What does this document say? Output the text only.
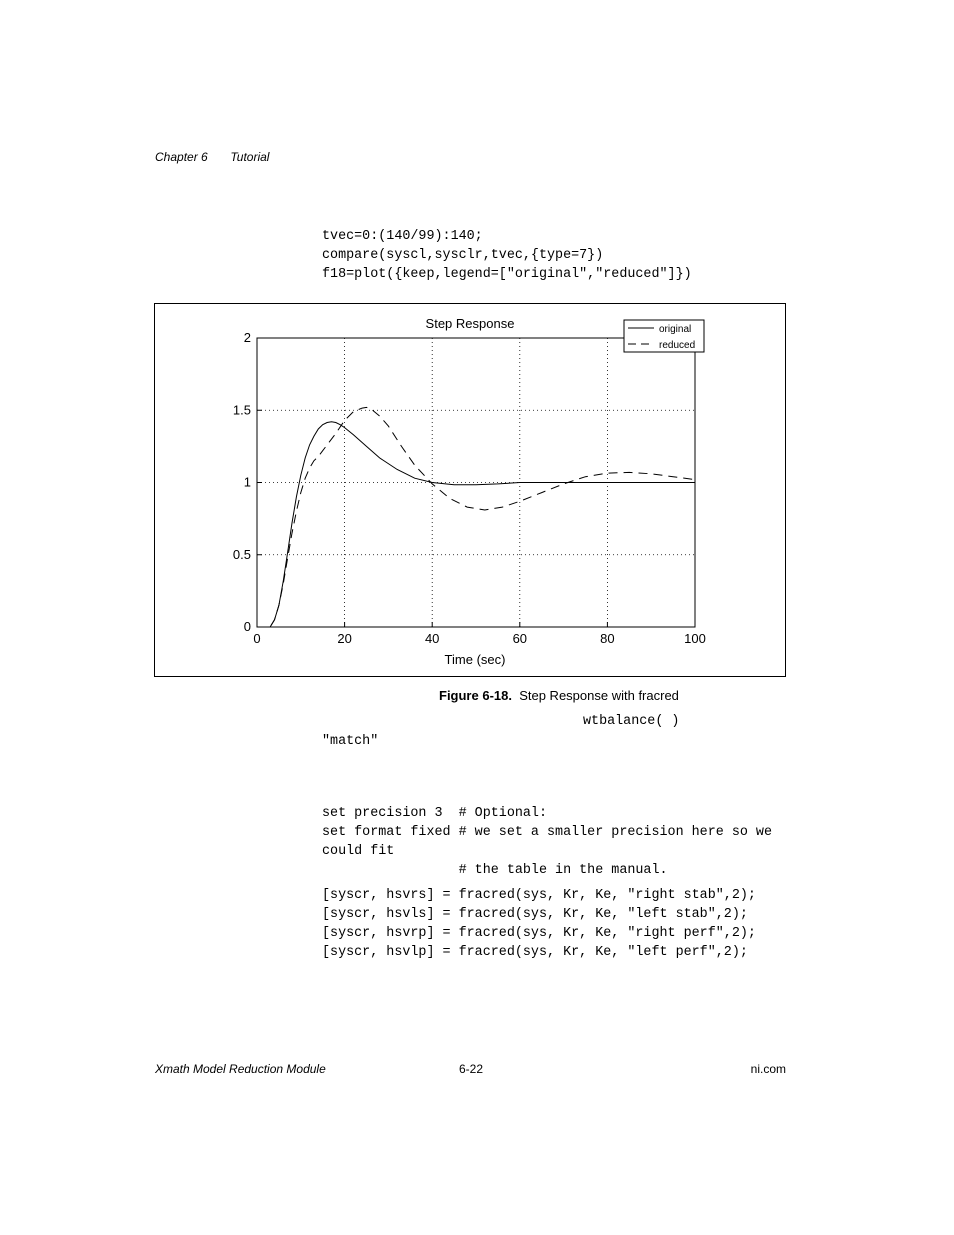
Chapter 6 Tutorial
tvec=0:(140/99):140;
compare(syscl,sysclr,tvec,{type=7})
f18=plot({keep,legend=["original","reduced"]})
0	20	40	60	80	100
0
0.5
1
1.5
2
Step Response
Time (sec)
original
reduced
Figure 6-18. Step Response with fracred
wtbalance( )
"match"
set precision 3  # Optional:
set format fixed # we set a smaller precision here so we
could fit
# the table in the manual.
[syscr, hsvrs] = fracred(sys, Kr, Ke, "right stab",2);
[syscr, hsvls] = fracred(sys, Kr, Ke, "left stab",2);
[syscr, hsvrp] = fracred(sys, Kr, Ke, "right perf",2);
[syscr, hsvlp] = fracred(sys, Kr, Ke, "left perf",2);
Xmath Model Reduction Module	6-22	ni.com
